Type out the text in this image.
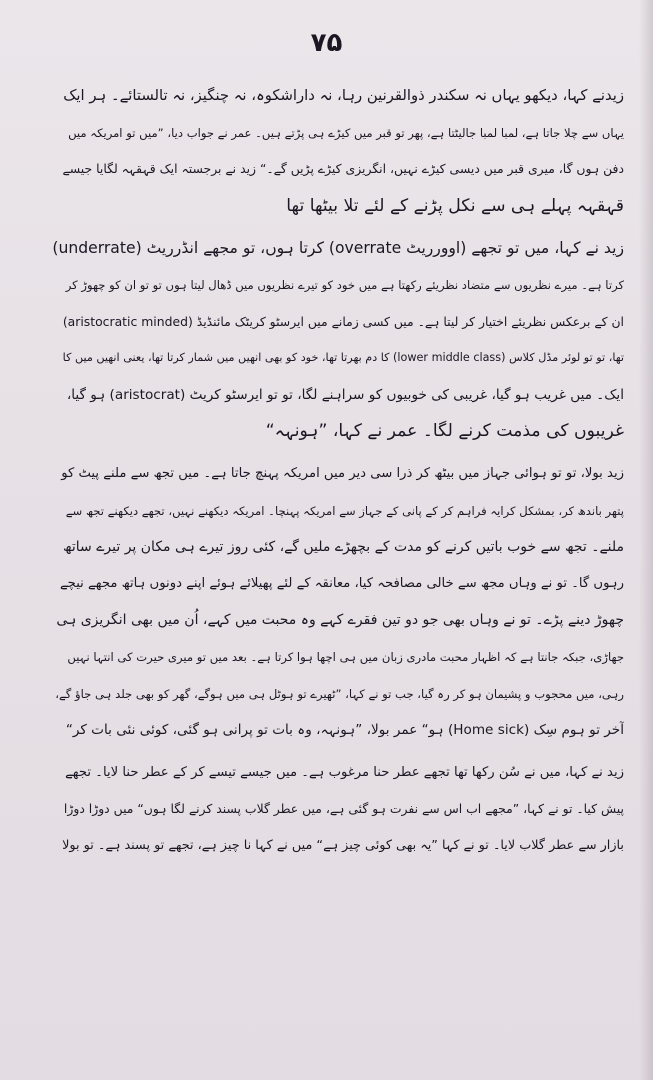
۷۵
زیدنے کہا، دیکھو یہاں نہ سکندر ذوالقرنین رہا، نہ داراشکوہ، نہ چنگیز، نہ تالستائے۔ ہر ایک
یہاں سے چلا جاتا ہے، لمبا لمبا جالیٹتا ہے، پھر تو قبر میں کیڑے ہی پڑتے ہیں۔ عمر نے جواب دیا، ”میں تو امریکہ میں
دفن ہوں گا، میری قبر میں دیسی کیڑے نہیں، انگریزی کیڑے پڑیں گے۔“ زید نے برجستہ ایک قہقہہ لگایا جیسے
قہقہہ پہلے ہی سے نکل پڑنے کے لئے تلا بیٹھا تھا
زید نے کہا، میں تو تجھے (اوورریٹ overrate) کرتا ہوں، تو مجھے انڈرریٹ (underrate)
کرتا ہے۔ میرے نظریوں سے متضاد نظریئے رکھتا ہے میں خود کو تیرے نظریوں میں ڈھال لیتا ہوں تو تو ان کو چھوڑ کر
ان کے برعکس نظریئے اختیار کر لیتا ہے۔ میں کسی زمانے میں ایرسٹو کریٹک مائنڈیڈ (aristocratic minded)
تھا، تو تو لوئر مڈل کلاس (lower middle class) کا دم بھرتا تھا، خود کو بھی انھیں میں شمار کرتا تھا، یعنی انھیں میں کا
ایک۔ میں غریب ہو گیا، غریبی کی خوبیوں کو سراہنے لگا، تو تو ایرسٹو کریٹ (aristocrat) ہو گیا،
غریبوں کی مذمت کرنے لگا۔ عمر نے کہا، ”ہونہہ“
زید بولا، تو تو ہوائی جہاز میں بیٹھ کر ذرا سی دیر میں امریکہ پہنچ جاتا ہے۔ میں تجھ سے ملنے پیٹ کو
پتھر باندھ کر، بمشکل کرایہ فراہم کر کے پانی کے جہاز سے امریکہ پہنچا۔ امریکہ دیکھنے نہیں، تجھے دیکھنے تجھ سے
ملنے۔ تجھ سے خوب باتیں کرنے کو مدت کے بچھڑے ملیں گے، کئی روز تیرے ہی مکان پر تیرے ساتھ
رہوں گا۔ تو نے وہاں مجھ سے خالی مصافحہ کیا، معانقہ کے لئے پھیلائے ہوئے اپنے دونوں ہاتھ مجھے نیچے
چھوڑ دینے پڑے۔ تو نے وہاں بھی جو دو تین فقرے کہے وہ محبت میں کہے، اُن میں بھی انگریزی ہی
جھاڑی، جبکہ جانتا ہے کہ اظہار محبت مادری زبان میں ہی اچھا ہوا کرتا ہے۔ بعد میں تو میری حیرت کی انتہا نہیں
رہی، میں محجوب و پشیمان ہو کر رہ گیا، جب تو نے کہا، ”ٹھیرے تو ہوٹل ہی میں ہوگے، گھر کو بھی جلد ہی جاؤ گے،
آخر تو ہوم سِک (Home sick) ہو“ عمر بولا، ”ہونہہ، وہ بات تو پرانی ہو گئی، کوئی نئی بات کر“
زید نے کہا، میں نے سُن رکھا تھا تجھے عطر حنا مرغوب ہے۔ میں جیسے تیسے کر کے عطر حنا لایا۔ تجھے
پیش کیا۔ تو نے کہا، ”مجھے اب اس سے نفرت ہو گئی ہے، میں عطر گلاب پسند کرنے لگا ہوں“ میں دوڑا دوڑا
بازار سے عطر گلاب لایا۔ تو نے کہا ”یہ بھی کوئی چیز ہے“ میں نے کہا نا چیز ہے، تجھے تو پسند ہے۔ تو بولا
